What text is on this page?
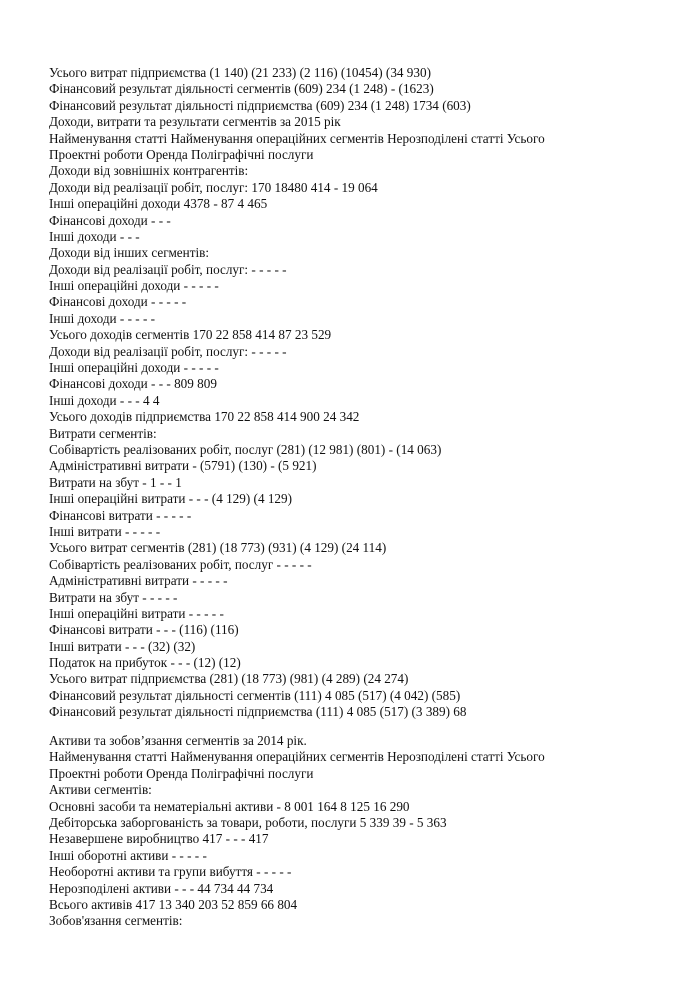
Усього витрат підприємства (1 140) (21 233) (2 116) (10454) (34 930)
Фінансовий результат діяльності сегментів (609) 234 (1 248) - (1623)
Фінансовий результат діяльності підприємства (609) 234 (1 248) 1734 (603)
Доходи, витрати та результати сегментів за 2015 рік
Найменування статті Найменування операційних сегментів Нерозподілені статті Усього
Проектні роботи Оренда Поліграфічні послуги
Доходи від зовнішніх контрагентів:
Доходи від реалізації робіт, послуг: 170 18480 414 - 19 064
Інші операційні доходи 4378 - 87 4 465
Фінансові доходи - - -
Інші доходи - - -
Доходи від інших сегментів:
Доходи від реалізації робіт, послуг: - - - - -
Інші операційні доходи - - - - -
Фінансові доходи - - - - -
Інші доходи - - - - -
Усього доходів сегментів 170 22 858 414 87 23 529
Доходи від реалізації робіт, послуг: - - - - -
Інші операційні доходи - - - - -
Фінансові доходи - - - 809 809
Інші доходи - - - 4 4
Усього доходів підприємства 170 22 858 414 900 24 342
Витрати сегментів:
Собівартість реалізованих робіт, послуг (281) (12 981) (801) - (14 063)
Адміністративні витрати - (5791) (130) - (5 921)
Витрати на збут - 1 - - 1
Інші операційні витрати - - - (4 129) (4 129)
Фінансові витрати - - - - -
Інші витрати - - - - -
Усього витрат сегментів (281) (18 773) (931) (4 129) (24 114)
Собівартість реалізованих робіт, послуг - - - - -
Адміністративні витрати - - - - -
Витрати на збут - - - - -
Інші операційні витрати - - - - -
Фінансові витрати - - - (116) (116)
Інші витрати - - - (32) (32)
Податок на прибуток - - - (12) (12)
Усього витрат підприємства (281) (18 773) (981) (4 289) (24 274)
Фінансовий результат діяльності сегментів (111) 4 085 (517) (4 042) (585)
Фінансовий результат діяльності підприємства (111) 4 085 (517) (3 389) 68
Активи та зобов’язання сегментів за 2014 рік.
Найменування статті Найменування операційних сегментів Нерозподілені статті Усього
Проектні роботи Оренда Поліграфічні послуги
Активи сегментів:
Основні засоби та нематеріальні активи - 8 001 164 8 125 16 290
Дебіторська заборгованість за товари, роботи, послуги 5 339 39 - 5 363
Незавершене виробництво 417 - - - 417
Інші оборотні активи - - - - -
Необоротні активи та групи вибуття - - - - -
Нерозподілені активи - - - 44 734 44 734
Всього активів 417 13 340 203 52 859 66 804
Зобов'язання сегментів:
